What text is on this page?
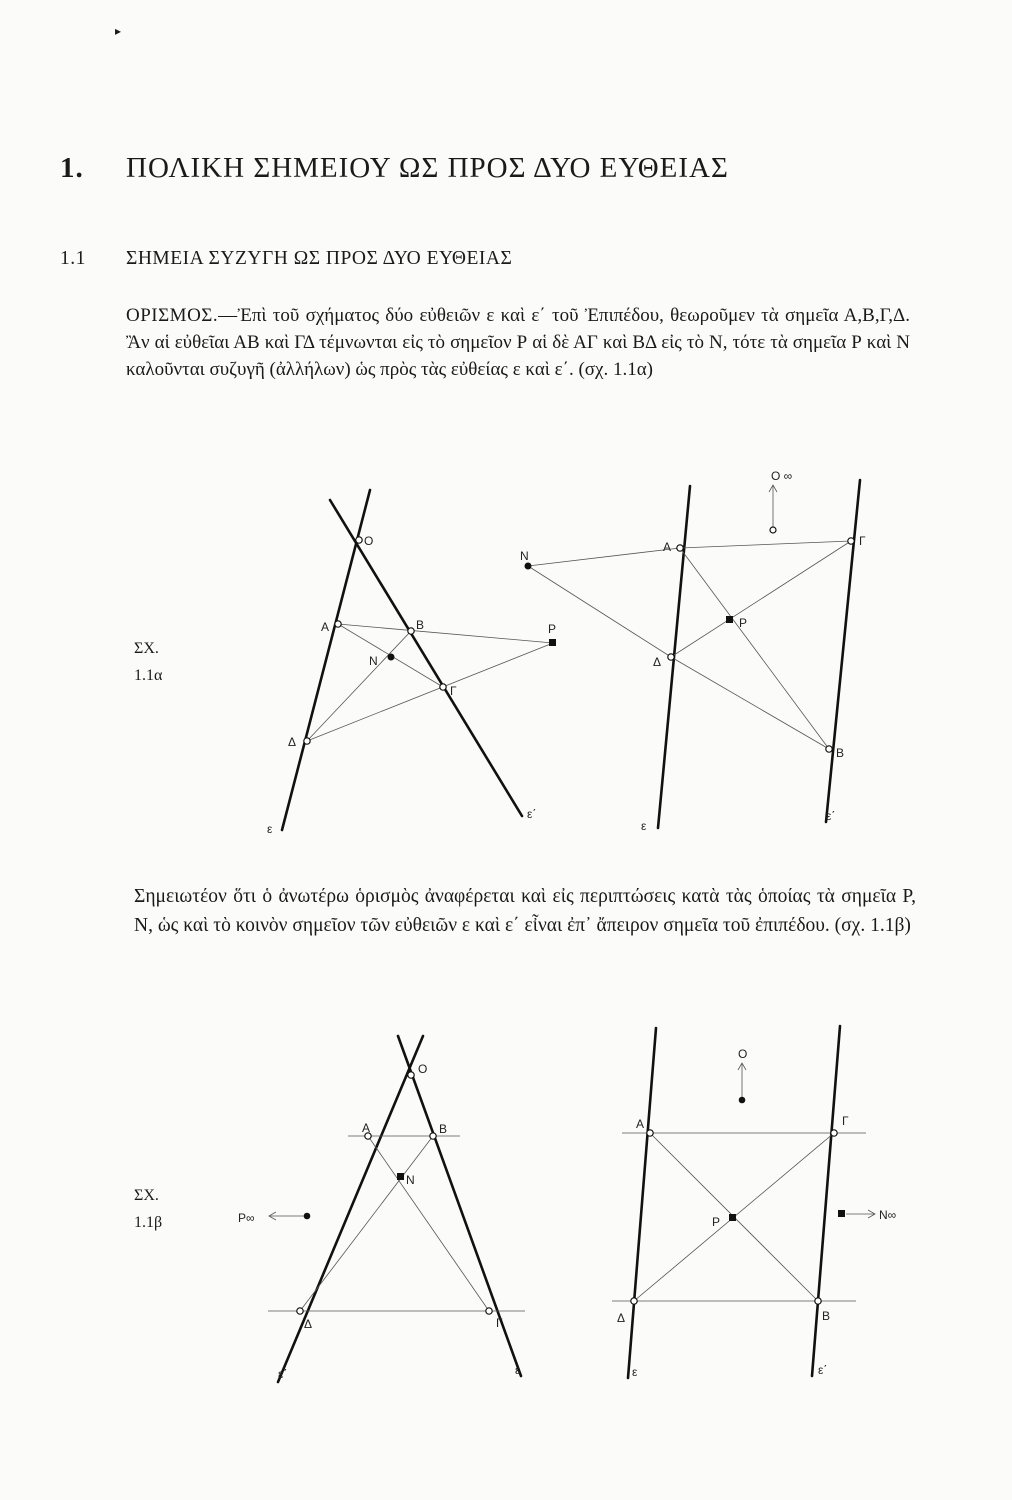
▸
1. ΠΟΛΙΚΗ ΣΗΜΕΙΟΥ ΩΣ ΠΡΟΣ ΔΥΟ ΕΥΘΕΙΑΣ
1.1 ΣΗΜΕΙΑ ΣΥΖΥΓΗ ΩΣ ΠΡΟΣ ΔΥΟ ΕΥΘΕΙΑΣ
ΟΡΙΣΜΟΣ.—Ἐπὶ τοῦ σχήματος δύο εὐθειῶν ε καὶ ε΄ τοῦ Ἐπιπέδου, θεωροῦμεν τὰ σημεῖα Α,Β,Γ,Δ. Ἂν αἱ εὐθεῖαι ΑΒ καὶ ΓΔ τέμνωνται εἰς τὸ σημεῖον Ρ αἱ δὲ ΑΓ καὶ ΒΔ εἰς τὸ Ν, τότε τὰ σημεῖα Ρ καὶ Ν καλοῦνται συζυγῆ (ἀλλήλων) ὡς πρὸς τὰς εὐθείας ε καὶ ε΄. (σχ. 1.1α)
ΣΧ.
1.1α
O
A	B
N
P
Γ
Δ
ε
ε΄
O ∞
A	Γ
N
P
Δ
B
ε
ε΄
Σημειωτέον ὅτι ὁ ἀνωτέρω ὁρισμὸς ἀναφέρεται καὶ εἰς περιπτώσεις κατὰ τὰς ὁποίας τὰ σημεῖα Ρ, Ν, ὡς καὶ τὸ κοινὸν σημεῖον τῶν εὐθειῶν ε καὶ ε΄ εἶναι ἐπ᾽ ἄπειρον σημεῖα τοῦ ἐπιπέδου. (σχ. 1.1β)
ΣΧ.
1.1β
O
A	B
N
P∞
Δ	Γ
ε΄	ε
O
A	Γ
P	N∞
Δ	B
ε	ε΄
